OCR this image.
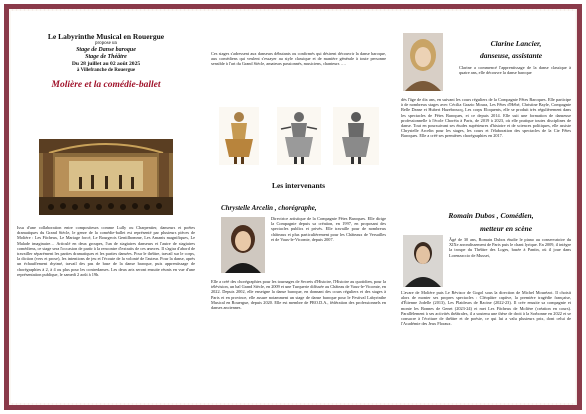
Le Labyrinthe Musical en Rouergue

propose un

Stage de Danse baroque

Stage de Théâtre

Du 28 juillet au 02 août 2025

à Villefranche de Rouergue

Molière et la comédie-ballet

Issu d'une collaboration entre compositeurs comme Lully ou Charpentier, danseurs et poètes dramatiques du Grand Siècle, le genre de la comédie-ballet est représenté par plusieurs pièces de Molière : Les Fâcheux, Le Mariage forcé, Le Bourgeois Gentilhomme, Les Amants magnifiques, Le Malade imaginaire… Articulé en deux groupes, l'un de stagiaires danseurs et l'autre de stagiaires comédiens, ce stage sera l'occasion de partir à la rencontre d'extraits de ces œuvres. Il s'agira d'abord de travailler séparément les parties dramatiques et les parties dansées. Pour le théâtre, travail sur le corps, la diction (vers et prose), les intentions de jeu et l'écoute de la volonté de l'auteur. Pour la danse, après un échauffement rhytmé, travail des pas de base de la danse baroque, puis apprentissage de chorégraphies à 2, à 4 ou plus pour les contredanses. Les deux arts seront ensuite réunis en vue d'une représentation publique, le samedi 2 août à 19h.

Ces stages s'adressent aux danseurs débutants ou confirmés qui désirent découvrir la danse baroque, aux comédiens qui veulent s'essayer au style classique et de manière générale à toute personne sensible à l'art du Grand Siècle, amateurs passionnés, musiciens, chanteurs ….

Les intervenants

Chrystelle Arcelin , chorégraphe,

Directrice artistique de la Compagnie Fêtes Baroques. Elle dirige la Compagnie depuis sa création, en 1997, en proposant des spectacles publics et privés. Elle travaille pour de nombreux châteaux et plus particulièrement pour les Châteaux de Versailles et de Vaux-le-Vicomte, depuis 2007.

Elle a créé des chorégraphies pour les tournages de Secrets d'Histoire, l'Histoire au quotidien, pour la télévision, un bal Grand Siècle, en 2009 et une Turquerie diffusée au Château de Vaux-le-Vicomte, en 2022. Depuis 2002, elle enseigne la danse baroque, en donnant des cours réguliers et des stages à Paris et en province, elle assure notamment un stage de danse baroque pour le Festival Labyrinthe Musical en Rouergue, depuis 2020. Elle est membre de PRO.D.A., fédération des professionnels en danses anciennes.

Clarine Lancier,

danseuse, assistante

Clarine a commencé l'apprentissage de la danse classique à quatre ans, elle découvre la danse baroque

dès l'âge de dix ans, en suivant les cours réguliers de la Compagnie Fêtes Baroques. Elle participe à de nombreux stages avec Cécilia Grazio Moura, Les Fêtes d'Hébé, Christine Bayle, Compagnie Belle Danse et Hubert Hazebroucq, Les corps Eloquents, elle se produit très régulièrement dans les spectacles de Fêtes Baroques, et ce depuis 2014. Elle suit une formation de danseuse professionnelle à l'école Choréia à Paris, de 2019 à 2023, où elle pratique toutes disciplines de danse. Tout en poursuivant ses études supérieures d'histoire et de sciences politiques, elle assiste Chrystelle Arcelin pour les stages, les cours et l'élaboration des spectacles de la Cie Fêtes Baroques. Elle a créé ses premières chorégraphies en 2017.

Romain Dubos , Comédien,

metteur en scène

Âgé de 30 ans, Romain Dubos étudie le piano au conservatoire du XIXe arrondissement de Paris puis le chant lyrique. En 2009, il intègre la troupe du Théâtre des Loges, basée à Pantin, où il joue dans Lorenzaccio de Musset,

L'avare de Molière puis Le Révizor de Gogol sous la direction de Michel Mourézot. Il choisit alors de monter ses propres spectacles : Cléopâtre captive, la première tragédie française, d'Étienne Jodelle (2013), Les Plaideurs de Racine (2022-23). Il crée ensuite sa compagnie et monte les Bonnes de Genet (2023-24) et met Les Fâcheux de Molière (création en cours). Parallèlement à ses activités théâtrales, il a soutenu une thèse de droit à la Sorbonne en 2022 et se consacre à l'écriture de théâtre et de poésie, ce qui lui a valu plusieurs prix, dont celui de l'Académie des Jeux Floraux.
